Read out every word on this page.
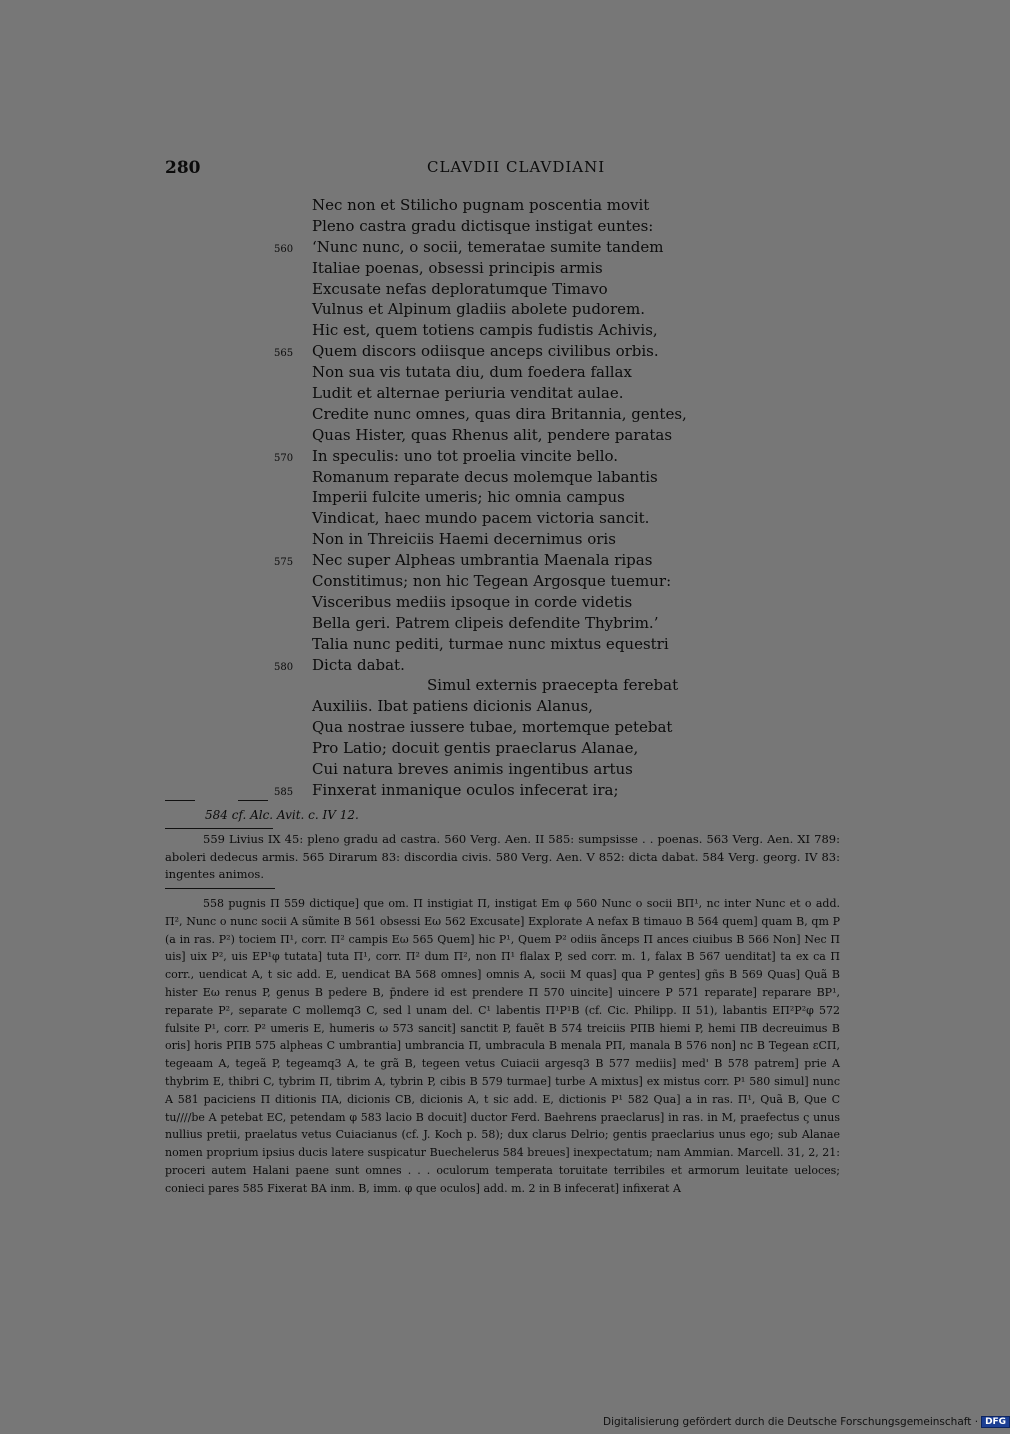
280	CLAVDII CLAVDIANI
Nec non et Stilicho pugnam poscentia movit
Pleno castra gradu dictisque instigat euntes:
560 ‘Nunc nunc, o socii, temeratae sumite tandem
Italiae poenas, obsessi principis armis
Excusate nefas deploratumque Timavo
Vulnus et Alpinum gladiis abolete pudorem.
Hic est, quem totiens campis fudistis Achivis,
565 Quem discors odiisque anceps civilibus orbis.
Non sua vis tutata diu, dum foedera fallax
Ludit et alternae periuria venditat aulae.
Credite nunc omnes, quas dira Britannia, gentes,
Quas Hister, quas Rhenus alit, pendere paratas
570 In speculis: uno tot proelia vincite bello.
Romanum reparate decus molemque labantis
Imperii fulcite umeris; hic omnia campus
Vindicat, haec mundo pacem victoria sancit.
Non in Threiciis Haemi decernimus oris
575 Nec super Alpheas umbrantia Maenala ripas
Constitimus; non hic Tegean Argosque tuemur:
Visceribus mediis ipsoque in corde videtis
Bella geri. Patrem clipeis defendite Thybrim.’
Talia nunc pediti, turmae nunc mixtus equestri
580 Dicta dabat.
Simul externis praecepta ferebat
Auxiliis. Ibat patiens dicionis Alanus,
Qua nostrae iussere tubae, mortemque petebat
Pro Latio; docuit gentis praeclarus Alanae,
Cui natura breves animis ingentibus artus
585 Finxerat inmanique oculos infecerat ira;
584 cf. Alc. Avit. c. IV 12.

559 Livius IX 45: pleno gradu ad castra. 560 Verg. Aen. II 585: sumpsisse . . poenas. 563 Verg. Aen. XI 789: aboleri dedecus armis. 565 Dirarum 83: discordia civis. 580 Verg. Aen. V 852: dicta dabat. 584 Verg. georg. IV 83: ingentes animos.

558 pugnis Π 559 dictique] que om. Π instigiat Π, instigat Em φ 560 Nunc o socii BΠ¹, nc inter Nunc et o add. Π², Nunc o nunc socii A sũmite B 561 obsessi Eω 562 Excusate] Explorate A nefax B timauo B 564 quem] quam B, qm P (a in ras. P²) tociem Π¹, corr. Π² campis Eω 565 Quem] hic P¹, Quem P² odiis ãnceps Π ances ciuibus B 566 Non] Nec Π uis] uix P², uis EP¹φ tutata] tuta Π¹, corr. Π² dum Π², non Π¹ flalax P, sed corr. m. 1, falax B 567 uenditat] ta ex ca Π corr., uendicat A, t sic add. E, uendicat BA 568 omnes] omnis A, socii M quas] qua P gentes] gñs B 569 Quas] Quã B hister Eω renus P, genus B pedere B, p̄ndere id est prendere Π 570 uincite] uincere P 571 reparate] reparare BP¹, reparate P², separate C mollemq3 C, sed l unam del. C¹ labentis Π¹P¹B (cf. Cic. Philipp. II 51), labantis EΠ²P²φ 572 fulsite P¹, corr. P² umeris E, humeris ω 573 sancit] sanctit P, fauẽt B 574 treiciis PΠB hiemi P, hemi ΠB decreuimus B oris] horis PΠB 575 alpheas C umbrantia] umbrancia Π, umbracula B menala PΠ, manala B 576 non] nc B Tegean εCΠ, tegeaam A, tegeã P, tegeamq3 A, te grã B, tegeen vetus Cuiacii argesq3 B 577 mediis] med' B 578 patrem] prie A thybrim E, thibri C, tybrim Π, tibrim A, tybrin P, cibis B 579 turmae] turbe A mixtus] ex mistus corr. P¹ 580 simul] nunc A 581 paciciens Π ditionis ΠA, dicionis CB, dicionis A, t sic add. E, dictionis P¹ 582 Qua] a in ras. Π¹, Quã B, Que C tu////be A petebat EC, petendam φ 583 lacio B docuit] ductor Ferd. Baehrens praeclarus] in ras. in M, praefectus ς unus nullius pretii, praelatus vetus Cuiacianus (cf. J. Koch p. 58); dux clarus Delrio; gentis praeclarius unus ego; sub Alanae nomen proprium ipsius ducis latere suspicatur Buechelerus 584 breues] inexpectatum; nam Ammian. Marcell. 31, 2, 21: proceri autem Halani paene sunt omnes . . . oculorum temperata toruitate terribiles et armorum leuitate ueloces; conieci pares 585 Fixerat BA inm. B, imm. φ que oculos] add. m. 2 in B infecerat] infixerat A

Digitalisierung gefördert durch die Deutsche Forschungsgemeinschaft · DFG
